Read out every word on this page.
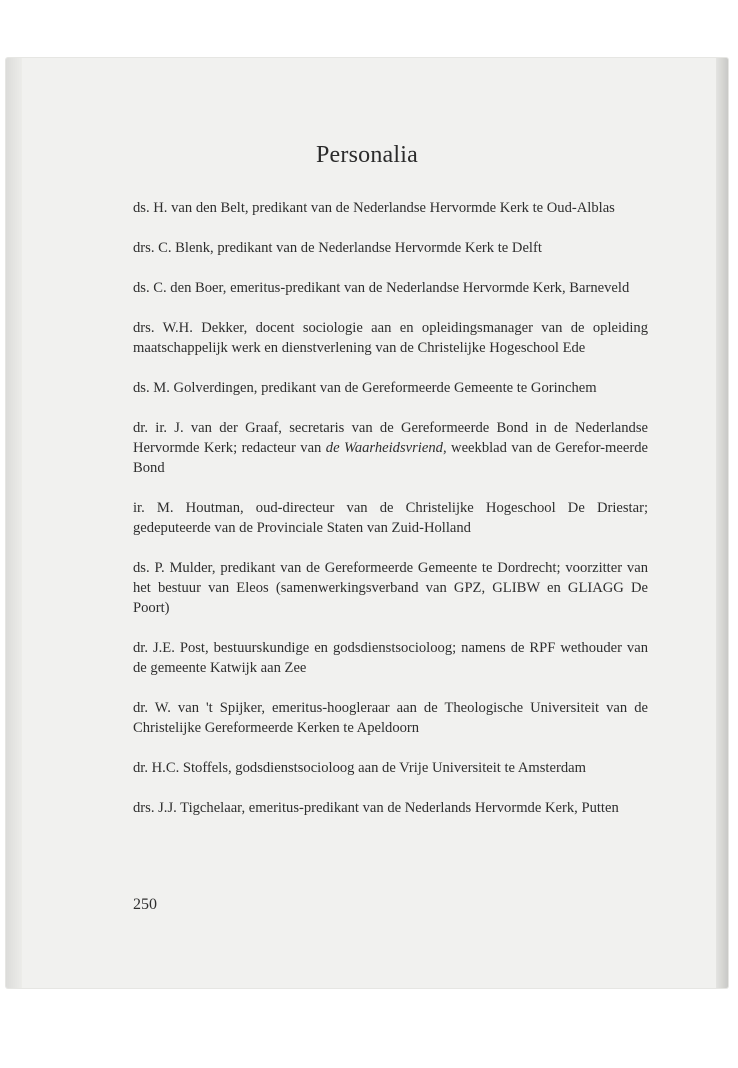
Personalia
ds. H. van den Belt, predikant van de Nederlandse Hervormde Kerk te Oud-Alblas
drs. C. Blenk, predikant van de Nederlandse Hervormde Kerk te Delft
ds. C. den Boer, emeritus-predikant van de Nederlandse Hervormde Kerk, Barneveld
drs. W.H. Dekker, docent sociologie aan en opleidingsmanager van de opleiding maatschappelijk werk en dienstverlening van de Christelijke Hogeschool Ede
ds. M. Golverdingen, predikant van de Gereformeerde Gemeente te Gorinchem
dr. ir. J. van der Graaf, secretaris van de Gereformeerde Bond in de Nederlandse Hervormde Kerk; redacteur van de Waarheidsvriend, weekblad van de Gerefor-meerde Bond
ir. M. Houtman, oud-directeur van de Christelijke Hogeschool De Driestar; gedeputeerde van de Provinciale Staten van Zuid-Holland
ds. P. Mulder, predikant van de Gereformeerde Gemeente te Dordrecht; voorzitter van het bestuur van Eleos (samenwerkingsverband van GPZ, GLIBW en GLIAGG De Poort)
dr. J.E. Post, bestuurskundige en godsdienstsocioloog; namens de RPF wethouder van de gemeente Katwijk aan Zee
dr. W. van 't Spijker, emeritus-hoogleraar aan de Theologische Universiteit van de Christelijke Gereformeerde Kerken te Apeldoorn
dr. H.C. Stoffels, godsdienstsocioloog aan de Vrije Universiteit te Amsterdam
drs. J.J. Tigchelaar, emeritus-predikant van de Nederlands Hervormde Kerk, Putten

250
